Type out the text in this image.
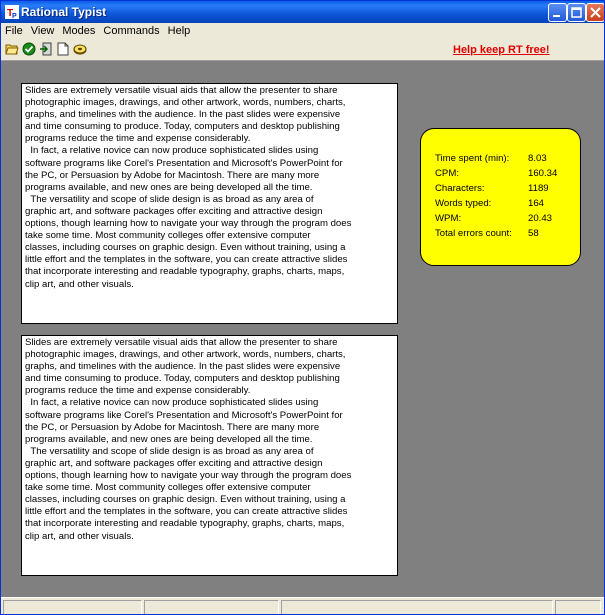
T
P Rational Typist
File View Modes Commands Help
Help keep RT free!
Slides are extremely versatile visual aids that allow the presenter to share
photographic images, drawings, and other artwork, words, numbers, charts,
graphs, and timelines with the audience. In the past slides were expensive
and time consuming to produce. Today, computers and desktop publishing
programs reduce the time and expense considerably.
In fact, a relative novice can now produce sophisticated slides using
software programs like Corel's Presentation and Microsoft's PowerPoint for
the PC, or Persuasion by Adobe for Macintosh. There are many more
programs available, and new ones are being developed all the time.
The versatility and scope of slide design is as broad as any area of
graphic art, and software packages offer exciting and attractive design
options, though learning how to navigate your way through the program does
take some time. Most community colleges offer extensive computer
classes, including courses on graphic design. Even without training, using a
little effort and the templates in the software, you can create attractive slides
that incorporate interesting and readable typography, graphs, charts, maps,
clip art, and other visuals.
Slides are extremely versatile visual aids that allow the presenter to share
photographic images, drawings, and other artwork, words, numbers, charts,
graphs, and timelines with the audience. In the past slides were expensive
and time consuming to produce. Today, computers and desktop publishing
programs reduce the time and expense considerably.
In fact, a relative novice can now produce sophisticated slides using
software programs like Corel's Presentation and Microsoft's PowerPoint for
the PC, or Persuasion by Adobe for Macintosh. There are many more
programs available, and new ones are being developed all the time.
The versatility and scope of slide design is as broad as any area of
graphic art, and software packages offer exciting and attractive design
options, though learning how to navigate your way through the program does
take some time. Most community colleges offer extensive computer
classes, including courses on graphic design. Even without training, using a
little effort and the templates in the software, you can create attractive slides
that incorporate interesting and readable typography, graphs, charts, maps,
clip art, and other visuals.
Time spent (min): 8.03
CPM:	160.34
Characters:	1189
Words typed:	164
WPM:	20.43
Total errors count: 58
